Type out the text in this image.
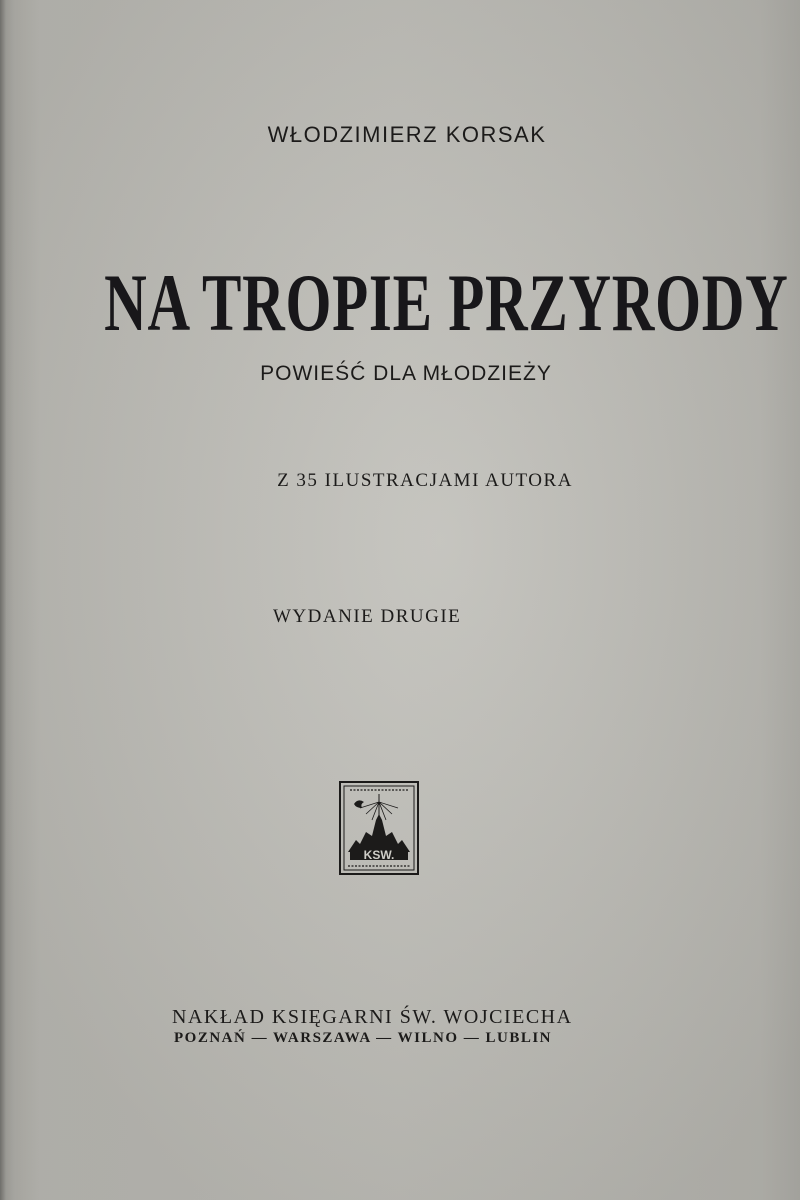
WŁODZIMIERZ KORSAK
NA TROPIE PRZYRODY
POWIEŚĆ DLA MŁODZIEŻY
Z 35 ILUSTRACJAMI AUTORA
WYDANIE DRUGIE
KSW.
NAKŁAD KSIĘGARNI ŚW. WOJCIECHA
POZNAŃ — WARSZAWA — WILNO — LUBLIN
